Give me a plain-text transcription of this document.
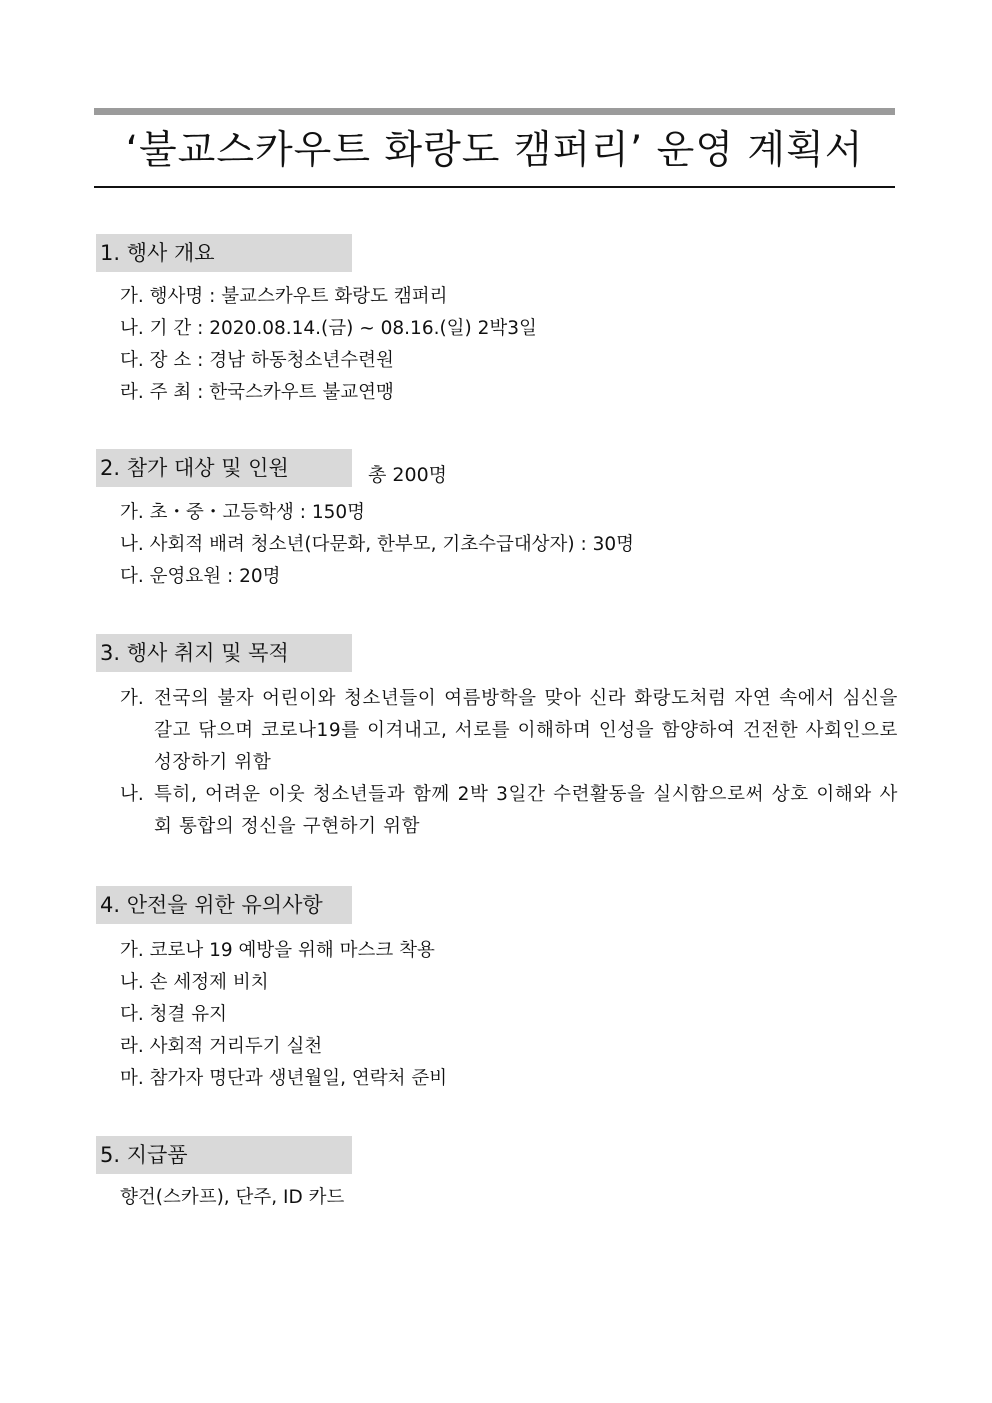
‘불교스카우트 화랑도 캠퍼리’ 운영 계획서
1. 행사 개요
가. 행사명 : 불교스카우트 화랑도 캠퍼리
나. 기 간 : 2020.08.14.(금) ~ 08.16.(일) 2박3일
다. 장 소 : 경남 하동청소년수련원
라. 주 최 : 한국스카우트 불교연맹
2. 참가 대상 및 인원	총 200명
가. 초・중・고등학생 : 150명
나. 사회적 배려 청소년(다문화, 한부모, 기초수급대상자) : 30명
다. 운영요원 : 20명
3. 행사 취지 및 목적
가. 전국의 불자 어린이와 청소년들이 여름방학을 맞아 신라 화랑도처럼 자연 속에서 심신을 갈고 닦으며 코로나19를 이겨내고, 서로를 이해하며 인성을 함양하여 건전한 사회인으로 성장하기 위함
나. 특히, 어려운 이웃 청소년들과 함께 2박 3일간 수련활동을 실시함으로써 상호 이해와 사회 통합의 정신을 구현하기 위함
4. 안전을 위한 유의사항
가. 코로나 19 예방을 위해 마스크 착용
나. 손 세정제 비치
다. 청결 유지
라. 사회적 거리두기 실천
마. 참가자 명단과 생년월일, 연락처 준비
5. 지급품
향건(스카프), 단주, ID 카드
